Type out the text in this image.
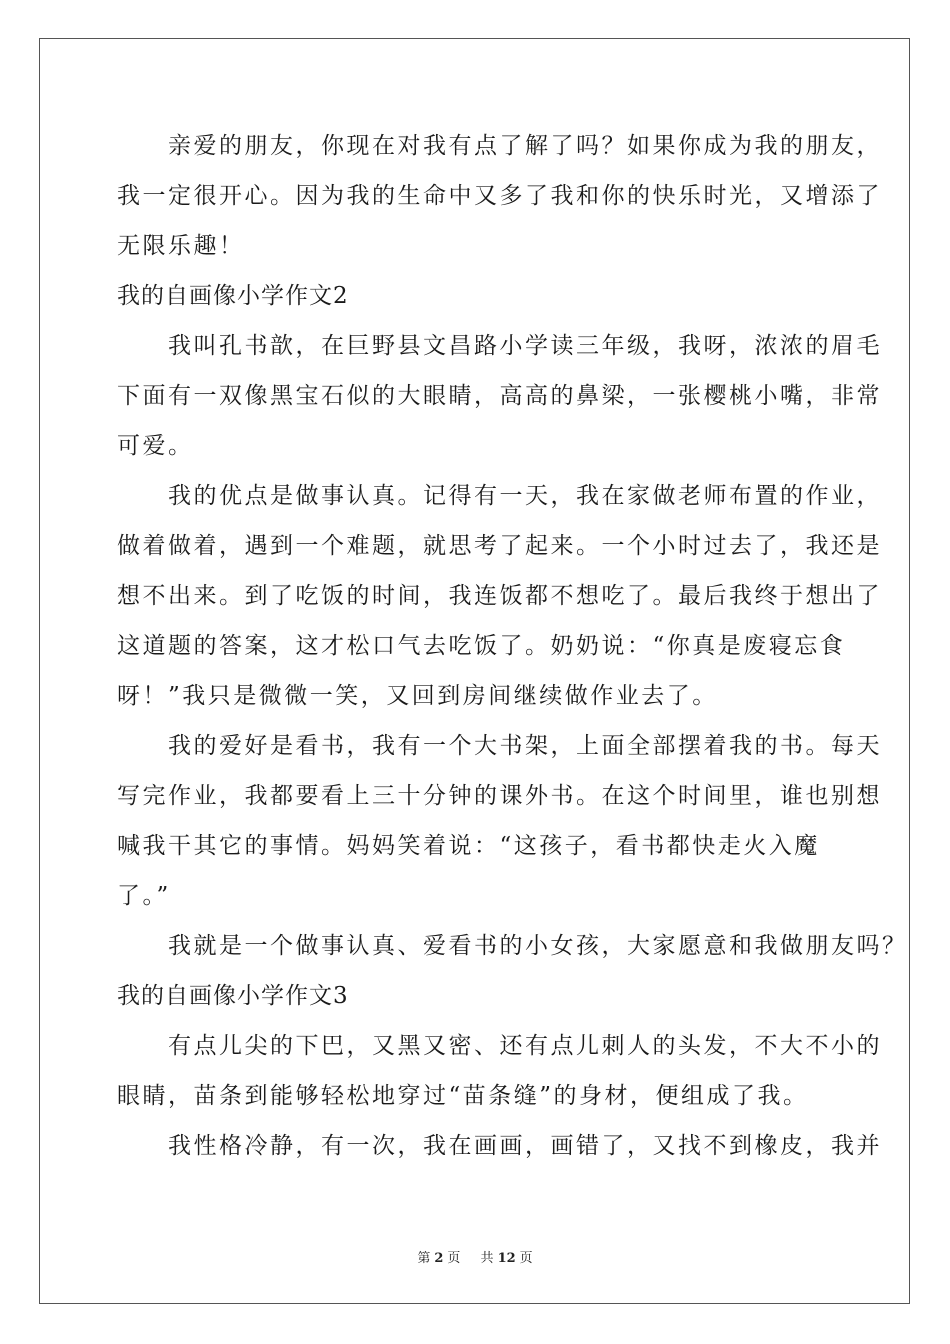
　　亲爱的朋友，你现在对我有点了解了吗？如果你成为我的朋友，
我一定很开心。因为我的生命中又多了我和你的快乐时光，又增添了
无限乐趣！
我的自画像小学作文2
　　我叫孔书歆，在巨野县文昌路小学读三年级，我呀，浓浓的眉毛
下面有一双像黑宝石似的大眼睛，高高的鼻梁，一张樱桃小嘴，非常
可爱。
　　我的优点是做事认真。记得有一天，我在家做老师布置的作业，
做着做着，遇到一个难题，就思考了起来。一个小时过去了，我还是
想不出来。到了吃饭的时间，我连饭都不想吃了。最后我终于想出了
这道题的答案，这才松口气去吃饭了。奶奶说：“你真是废寝忘食
呀！”我只是微微一笑，又回到房间继续做作业去了。
　　我的爱好是看书，我有一个大书架，上面全部摆着我的书。每天
写完作业，我都要看上三十分钟的课外书。在这个时间里，谁也别想
喊我干其它的事情。妈妈笑着说：“这孩子，看书都快走火入魔
了。”
　　我就是一个做事认真、爱看书的小女孩，大家愿意和我做朋友吗？
我的自画像小学作文3
　　有点儿尖的下巴，又黑又密、还有点儿刺人的头发，不大不小的
眼睛，苗条到能够轻松地穿过“苗条缝”的身材，便组成了我。
　　我性格冷静，有一次，我在画画，画错了，又找不到橡皮，我并
第 2 页 共 12 页
